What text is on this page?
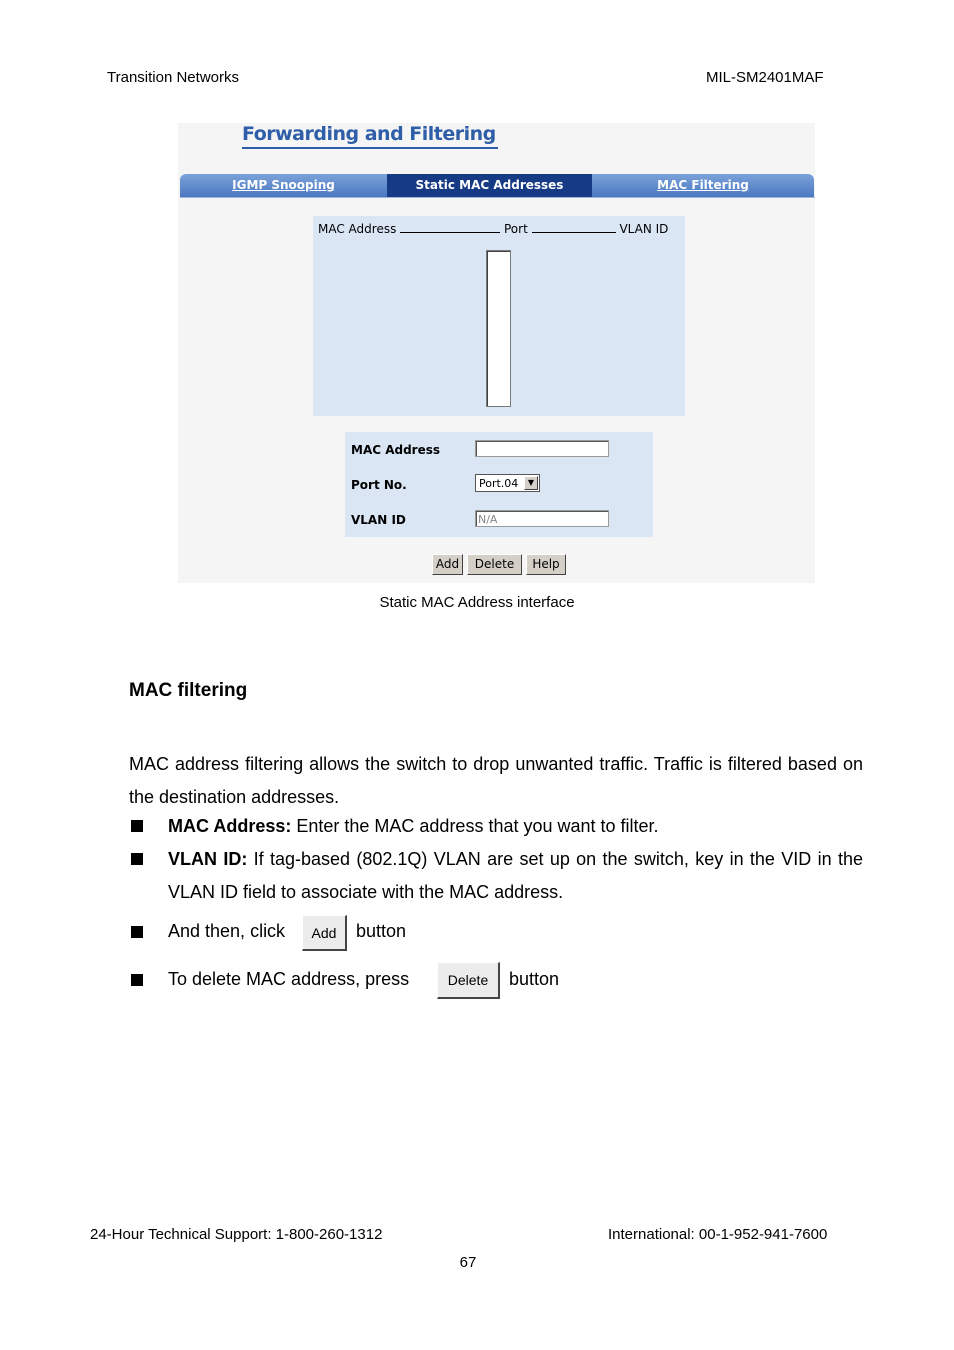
Transition Networks	MIL-SM2401MAF
Forwarding and Filtering
IGMP Snooping	Static MAC Addresses	MAC Filtering
MAC Address	Port	VLAN ID
MAC Address
Port No.	Port.04	▼
VLAN ID	N/A
Add	Delete	Help
Static MAC Address interface
MAC filtering
MAC address filtering allows the switch to drop unwanted traffic. Traffic is filtered based on the destination addresses.
MAC Address: Enter the MAC address that you want to filter.
VLAN ID: If tag-based (802.1Q) VLAN are set up on the switch, key in the VID in the VLAN ID field to associate with the MAC address.
And then, click	Add	button
To delete MAC address, press	Delete	button
24-Hour Technical Support: 1-800-260-1312	International: 00-1-952-941-7600
67
